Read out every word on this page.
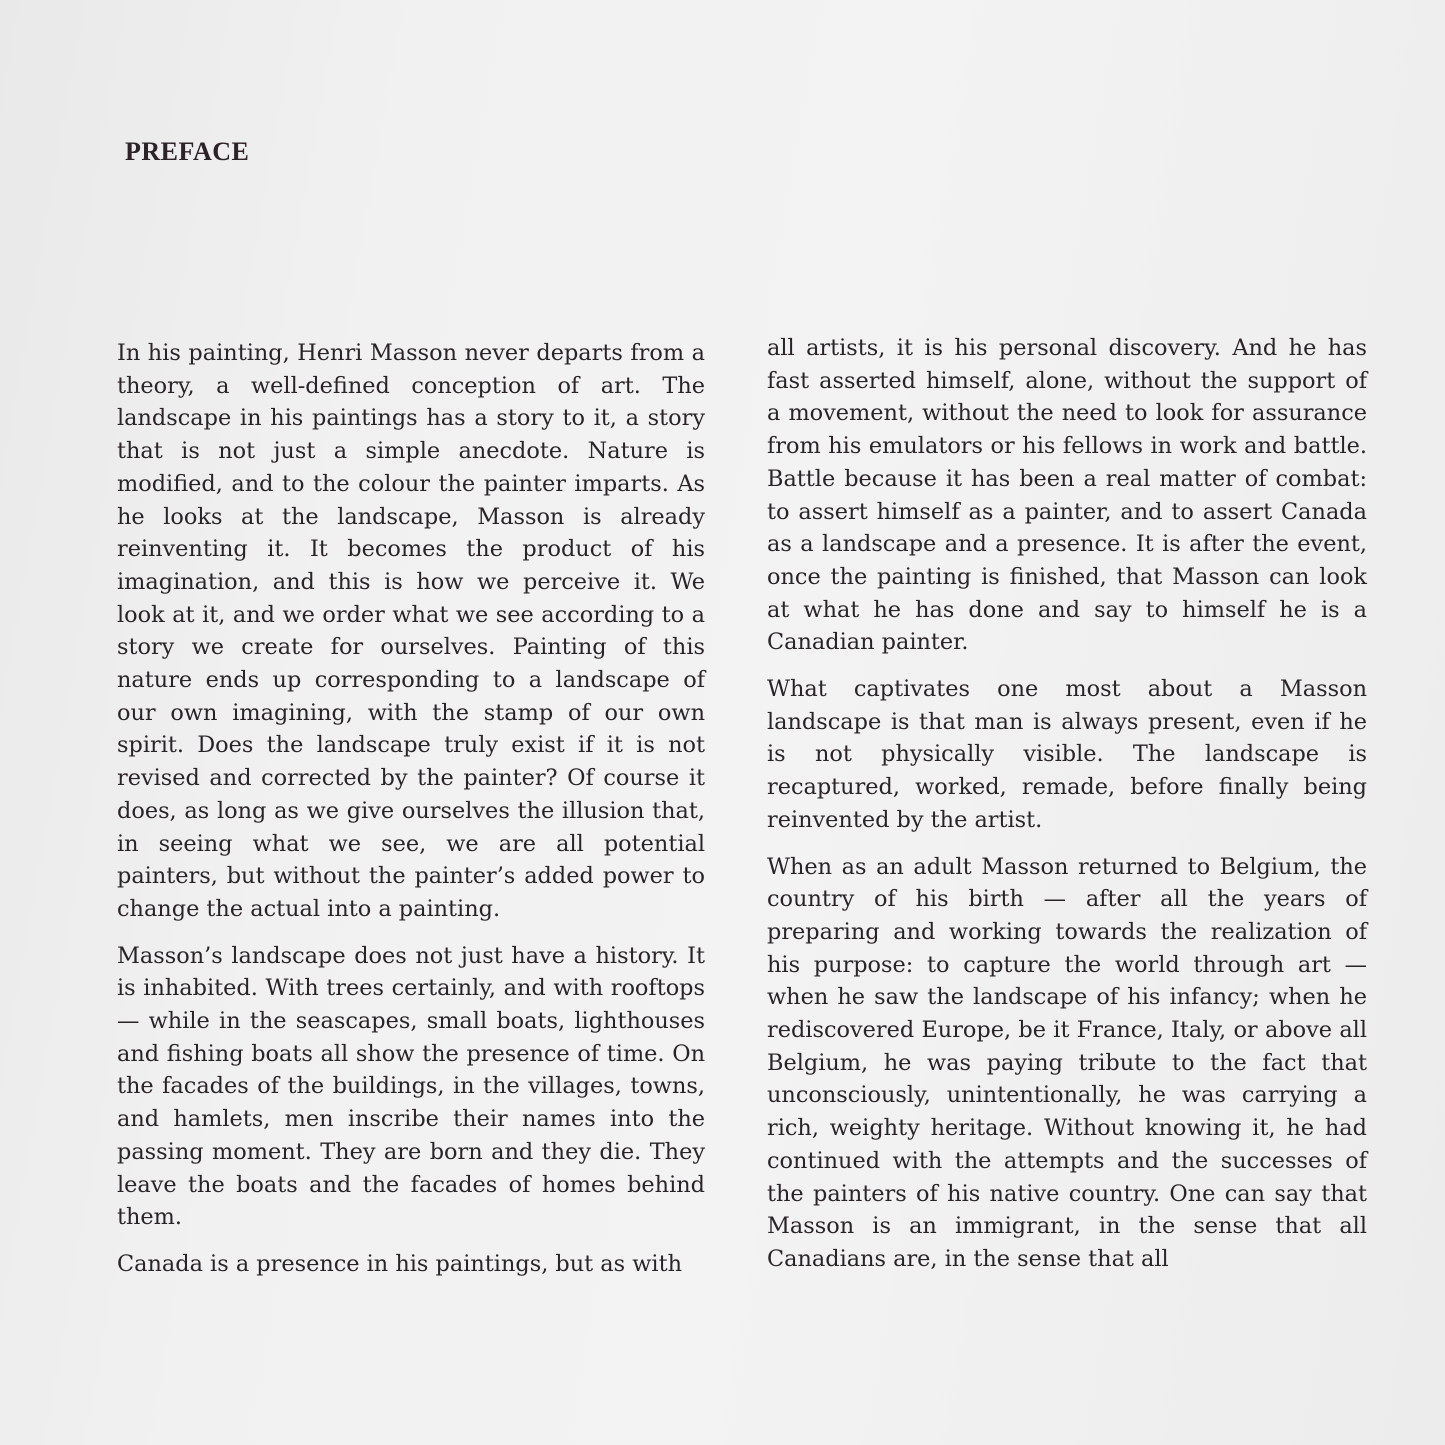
PREFACE

In his painting, Henri Masson never departs from a theory, a well-defined conception of art. The landscape in his paintings has a story to it, a story that is not just a simple anecdote. Nature is modified, and to the colour the painter imparts. As he looks at the landscape, Masson is already reinventing it. It becomes the product of his imagination, and this is how we perceive it. We look at it, and we order what we see according to a story we create for ourselves. Painting of this nature ends up corresponding to a landscape of our own imagining, with the stamp of our own spirit. Does the landscape truly exist if it is not revised and corrected by the painter? Of course it does, as long as we give ourselves the illusion that, in seeing what we see, we are all potential painters, but without the painter’s added power to change the actual into a painting.

Masson’s landscape does not just have a history. It is inhabited. With trees certainly, and with rooftops — while in the seascapes, small boats, lighthouses and fishing boats all show the presence of time. On the facades of the buildings, in the villages, towns, and hamlets, men inscribe their names into the passing moment. They are born and they die. They leave the boats and the facades of homes behind them.

Canada is a presence in his paintings, but as with

all artists, it is his personal discovery. And he has fast asserted himself, alone, without the support of a movement, without the need to look for assurance from his emulators or his fellows in work and battle. Battle because it has been a real matter of combat: to assert himself as a painter, and to assert Canada as a landscape and a presence. It is after the event, once the painting is finished, that Masson can look at what he has done and say to himself he is a Canadian painter.

What captivates one most about a Masson landscape is that man is always present, even if he is not physically visible. The landscape is recaptured, worked, remade, before finally being reinvented by the artist.

When as an adult Masson returned to Belgium, the country of his birth — after all the years of preparing and working towards the realization of his purpose: to capture the world through art — when he saw the landscape of his infancy; when he rediscovered Europe, be it France, Italy, or above all Belgium, he was paying tribute to the fact that unconsciously, unintentionally, he was carrying a rich, weighty heritage. Without knowing it, he had continued with the attempts and the successes of the painters of his native country. One can say that Masson is an immigrant, in the sense that all Canadians are, in the sense that all
